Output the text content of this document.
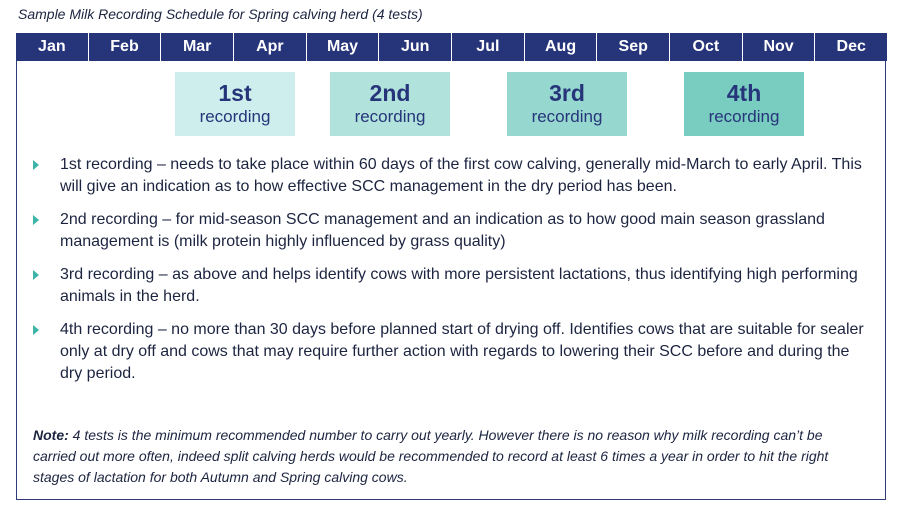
Sample Milk Recording Schedule for Spring calving herd (4 tests)
Jan	Feb	Mar	Apr	May	Jun	Jul	Aug	Sep	Oct	Nov	Dec
1st
recording
2nd
recording
3rd
recording
4th
recording
1st recording – needs to take place within 60 days of the first cow calving, generally mid-March to early April. This will give an indication as to how effective SCC management in the dry period has been.
2nd recording – for mid-season SCC management and an indication as to how good main season grassland management is (milk protein highly influenced by grass quality)
3rd recording – as above and helps identify cows with more persistent lactations, thus identifying high performing animals in the herd.
4th recording – no more than 30 days before planned start of drying off. Identifies cows that are suitable for sealer only at dry off and cows that may require further action with regards to lowering their SCC before and during the dry period.
Note: 4 tests is the minimum recommended number to carry out yearly. However there is no reason why milk recording can’t be carried out more often, indeed split calving herds would be recommended to record at least 6 times a year in order to hit the right stages of lactation for both Autumn and Spring calving cows.
